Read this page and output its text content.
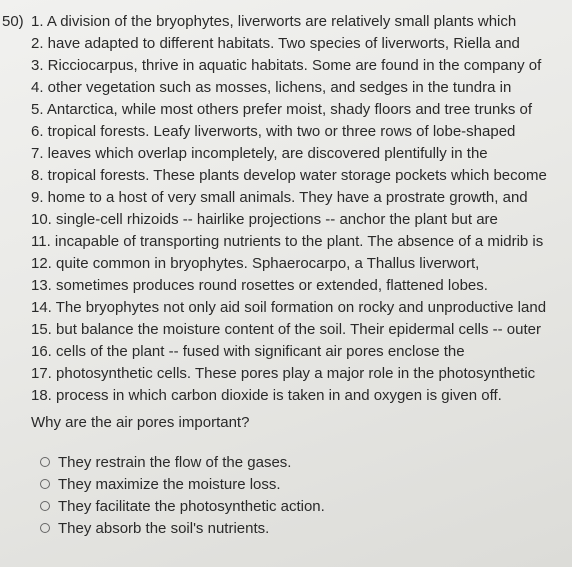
50) 1. A division of the bryophytes, liverworts are relatively small plants which
2. have adapted to different habitats. Two species of liverworts, Riella and
3. Ricciocarpus, thrive in aquatic habitats. Some are found in the company of
4. other vegetation such as mosses, lichens, and sedges in the tundra in
5. Antarctica, while most others prefer moist, shady floors and tree trunks of
6. tropical forests. Leafy liverworts, with two or three rows of lobe-shaped
7. leaves which overlap incompletely, are discovered plentifully in the
8. tropical forests. These plants develop water storage pockets which become
9. home to a host of very small animals. They have a prostrate growth, and
10. single-cell rhizoids -- hairlike projections -- anchor the plant but are
11. incapable of transporting nutrients to the plant. The absence of a midrib is
12. quite common in bryophytes. Sphaerocarpo, a Thallus liverwort,
13. sometimes produces round rosettes or extended, flattened lobes.
14. The bryophytes not only aid soil formation on rocky and unproductive land
15. but balance the moisture content of the soil. Their epidermal cells -- outer
16. cells of the plant -- fused with significant air pores enclose the
17. photosynthetic cells. These pores play a major role in the photosynthetic
18. process in which carbon dioxide is taken in and oxygen is given off.
Why are the air pores important?
They restrain the flow of the gases.
They maximize the moisture loss.
They facilitate the photosynthetic action.
They absorb the soil's nutrients.
